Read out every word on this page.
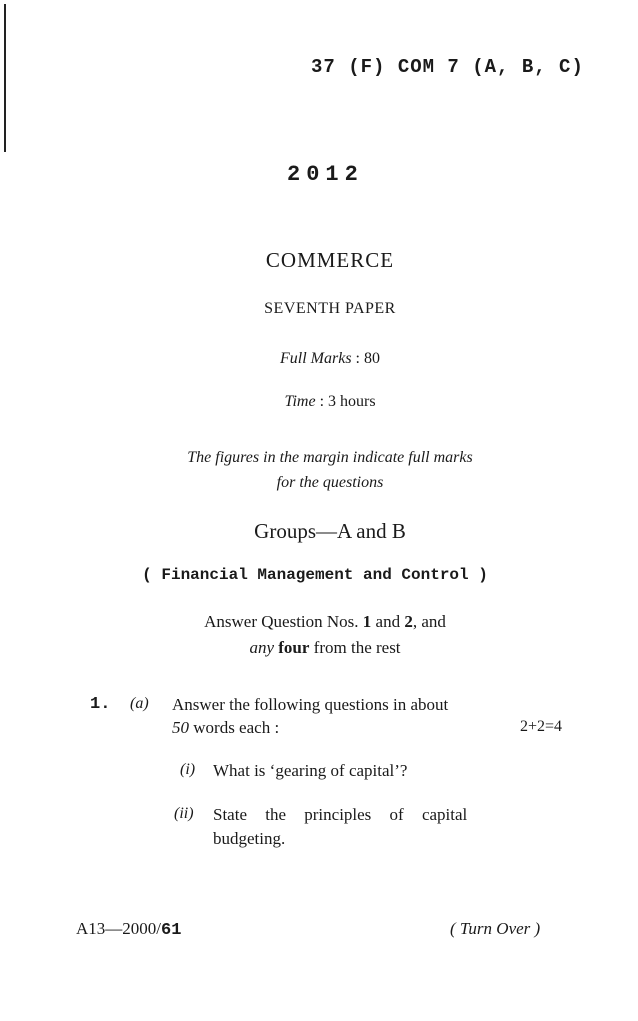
37 (F) COM 7 (A, B, C)
2012
COMMERCE
SEVENTH PAPER
Full Marks : 80
Time : 3 hours
The figures in the margin indicate full marks
for the questions
Groups—A and B
( Financial Management and Control )
Answer Question Nos. 1 and 2, and
any four from the rest
1. (a) Answer the following questions in about
50 words each :	2+2=4
(i) What is ‘gearing of capital’?
(ii) State the principles of capital
budgeting.
A13—2000/61	( Turn Over )
